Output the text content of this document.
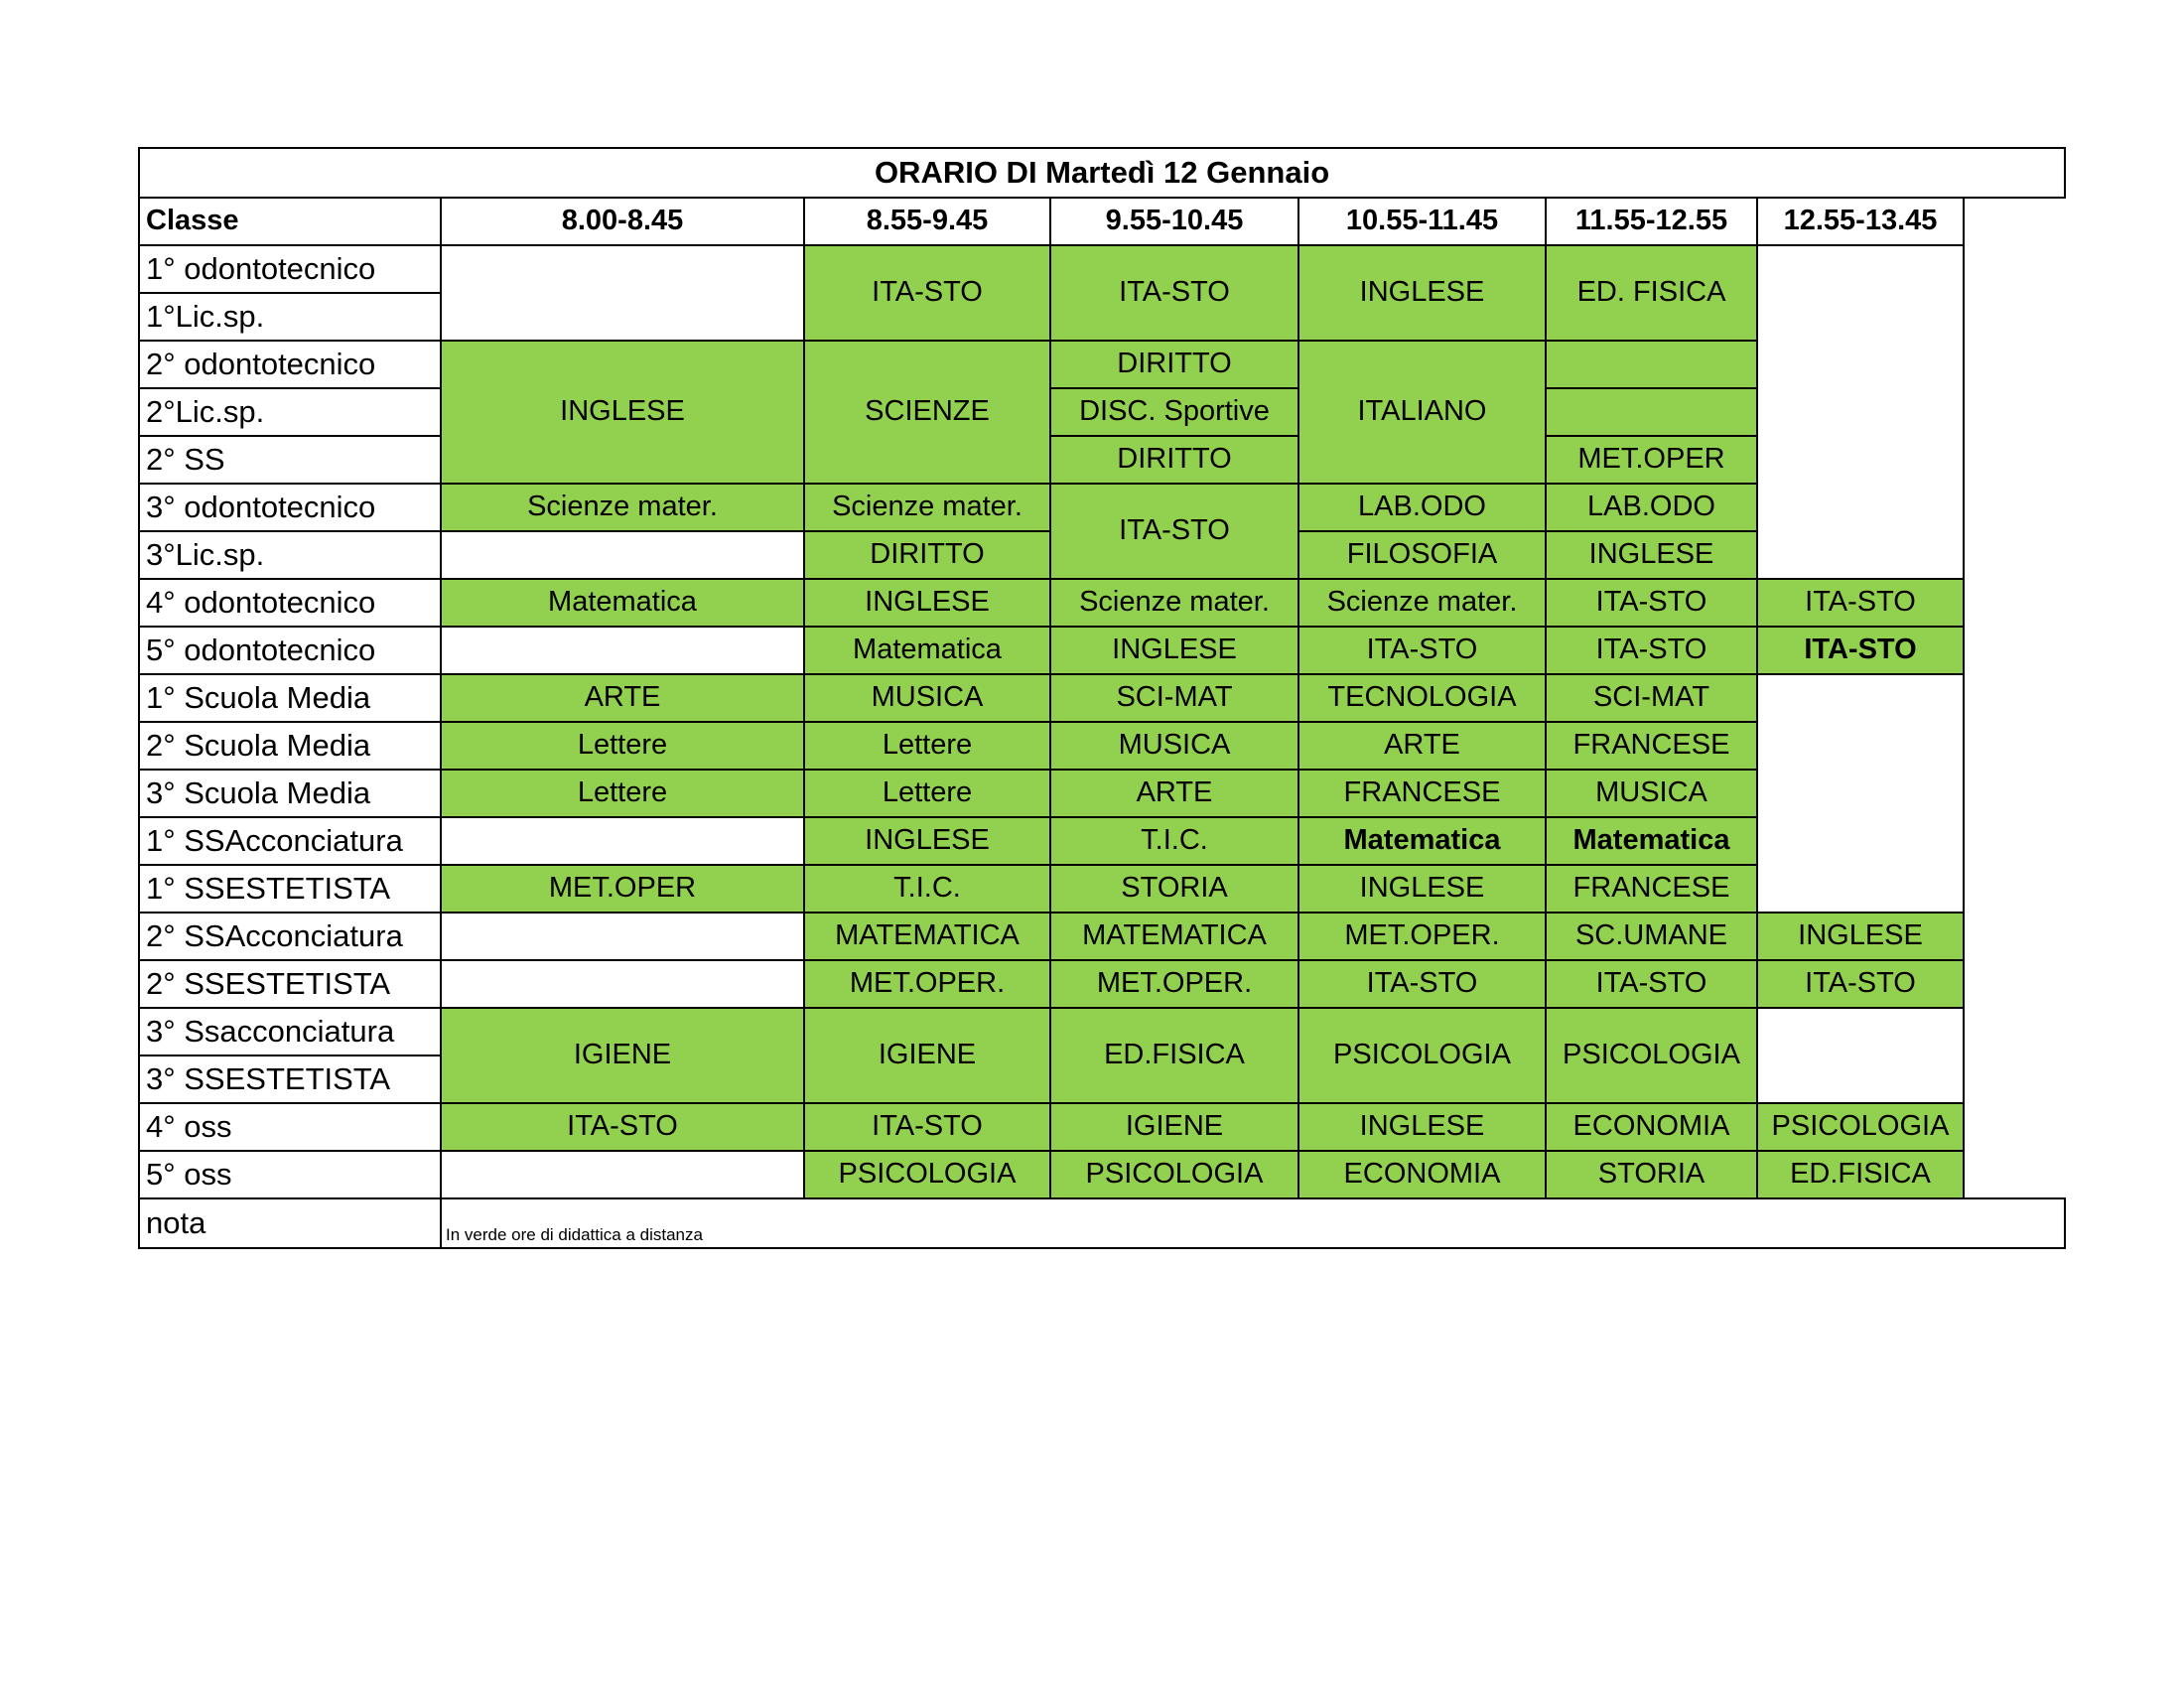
ORARIO DI Martedì 12 Gennaio							
Classe	8.00-8.45	8.55-9.45	9.55-10.45	10.55-11.45	11.55-12.55	12.55-13.45	
1° odontotecnico		ITA-STO	ITA-STO	INGLESE	ED. FISICA		
1°Lic.sp.							
2° odontotecnico	INGLESE	SCIENZE	DIRITTO	ITALIANO			
2°Lic.sp.			DISC. Sportive				
2° SS			DIRITTO		MET.OPER		
3° odontotecnico	Scienze mater.	Scienze mater.	ITA-STO	LAB.ODO	LAB.ODO		
3°Lic.sp.		DIRITTO		FILOSOFIA	INGLESE		
4° odontotecnico	Matematica	INGLESE	Scienze mater.	Scienze mater.	ITA-STO	ITA-STO	
5° odontotecnico		Matematica	INGLESE	ITA-STO	ITA-STO	ITA-STO	
1° Scuola Media	ARTE	MUSICA	SCI-MAT	TECNOLOGIA	SCI-MAT		
2° Scuola Media	Lettere	Lettere	MUSICA	ARTE	FRANCESE		
3° Scuola Media	Lettere	Lettere	ARTE	FRANCESE	MUSICA		
1° SSAcconciatura		INGLESE	T.I.C.	Matematica	Matematica		
1° SSESTETISTA	MET.OPER	T.I.C.	STORIA	INGLESE	FRANCESE		
2° SSAcconciatura		MATEMATICA	MATEMATICA	MET.OPER.	SC.UMANE	INGLESE	
2° SSESTETISTA		MET.OPER.	MET.OPER.	ITA-STO	ITA-STO	ITA-STO	
3° Ssacconciatura	IGIENE	IGIENE	ED.FISICA	PSICOLOGIA	PSICOLOGIA		
3° SSESTETISTA							
4° oss	ITA-STO	ITA-STO	IGIENE	INGLESE	ECONOMIA	PSICOLOGIA	
5° oss		PSICOLOGIA	PSICOLOGIA	ECONOMIA	STORIA	ED.FISICA	
nota	In verde ore di didattica a distanza						
